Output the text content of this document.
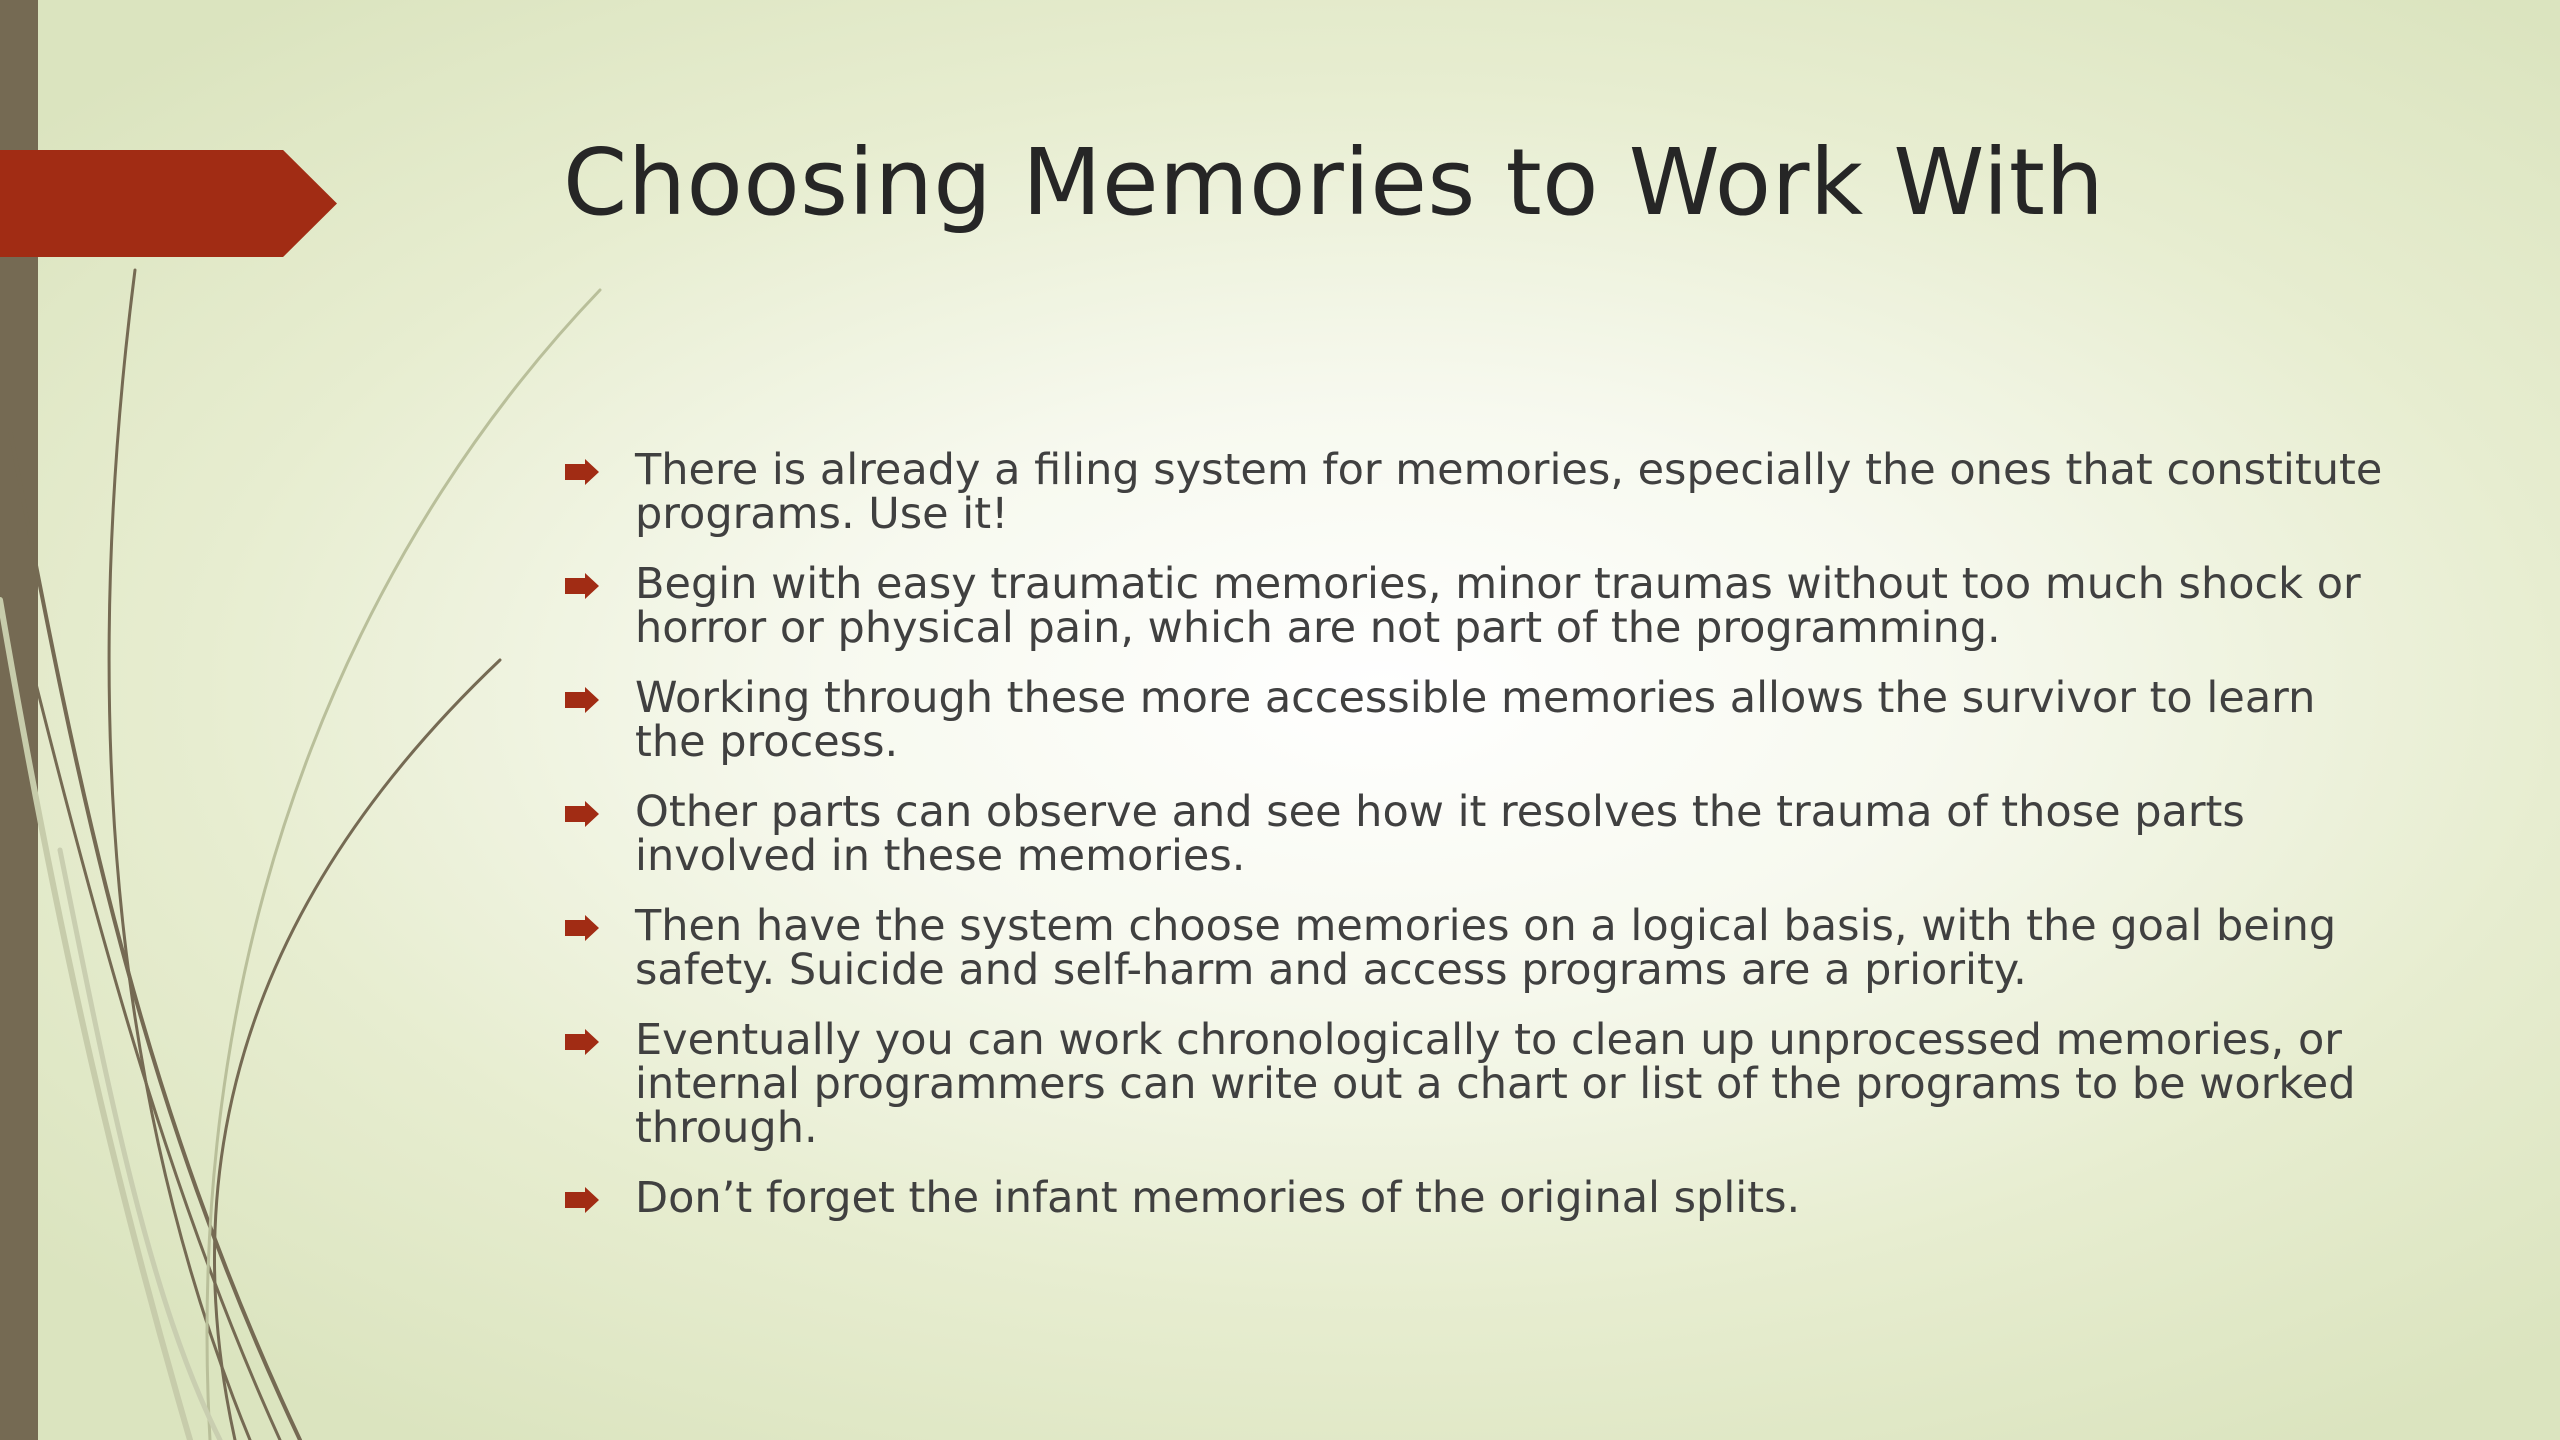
Choosing Memories to Work With
There is already a filing system for memories, especially the ones that constitute programs. Use it!
Begin with easy traumatic memories, minor traumas without too much shock or horror or physical pain, which are not part of the programming.
Working through these more accessible memories allows the survivor to learn the process.
Other parts can observe and see how it resolves the trauma of those parts involved in these memories.
Then have the system choose memories on a logical basis, with the goal being safety. Suicide and self-harm and access programs are a priority.
Eventually you can work chronologically to clean up unprocessed memories, or internal programmers can write out a chart or list of the programs to be worked through.
Don’t forget the infant memories of the original splits.
